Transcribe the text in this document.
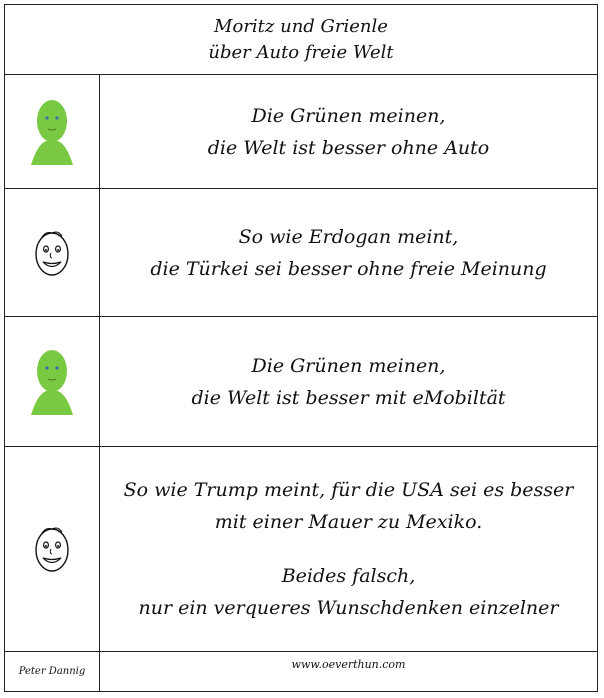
Moritz und Grienle
über Auto freie Welt
Die Grünen meinen,
die Welt ist besser ohne Auto
So wie Erdogan meint,
die Türkei sei besser ohne freie Meinung
Die Grünen meinen,
die Welt ist besser mit eMobiltät
So wie Trump meint, für die USA sei es besser
mit einer Mauer zu Mexiko.
Beides falsch,
nur ein verqueres Wunschdenken einzelner
Peter Dannig
www.oeverthun.com
